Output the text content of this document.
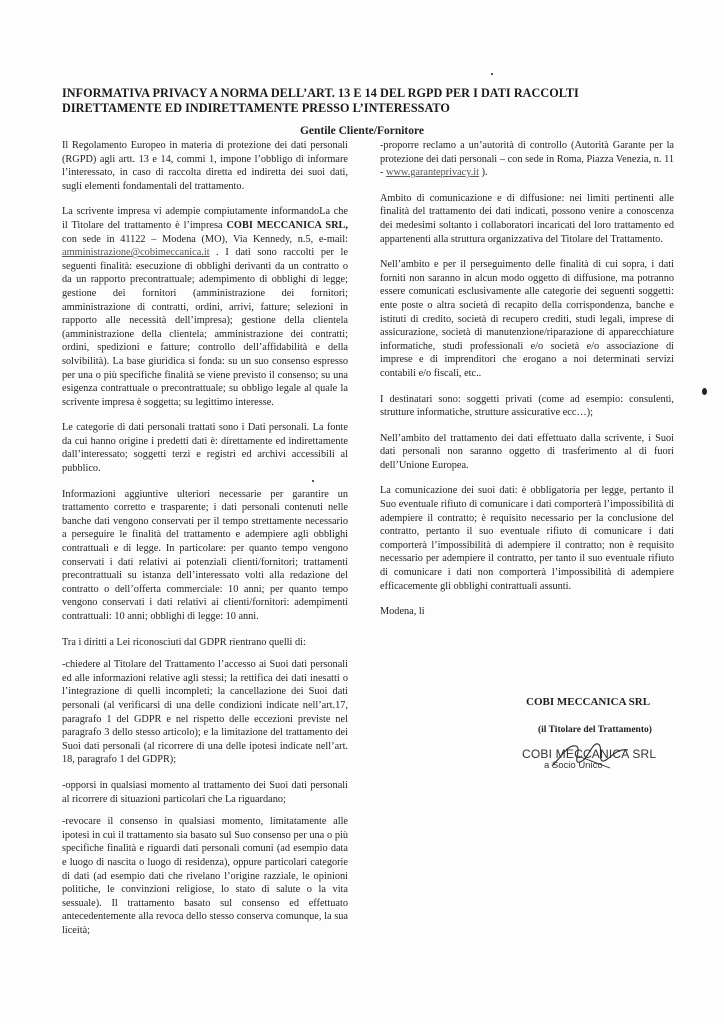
INFORMATIVA PRIVACY A NORMA DELL’ART. 13 E 14 DEL RGPD PER I DATI RACCOLTI DIRETTAMENTE ED INDIRETTAMENTE PRESSO L’INTERESSATO
Gentile Cliente/Fornitore

Il Regolamento Europeo in materia di protezione dei dati personali (RGPD) agli artt. 13 e 14, commi 1, impone l’obbligo di informare l’interessato, in caso di raccolta diretta ed indiretta dei suoi dati, sugli elementi fondamentali del trattamento.

La scrivente impresa vi adempie compiutamente informandoLa che il Titolare del trattamento è l’impresa COBI MECCANICA SRL, con sede in 41122 – Modena (MO), Via Kennedy, n.5, e-mail: amministrazione@cobimeccanica.it . I dati sono raccolti per le seguenti finalità: esecuzione di obblighi derivanti da un contratto o da un rapporto precontrattuale; adempimento di obblighi di legge; gestione dei fornitori (amministrazione dei fornitori; amministrazione di contratti, ordini, arrivi, fatture; selezioni in rapporto alle necessità dell’impresa); gestione della clientela (amministrazione della clientela; amministrazione dei contratti; ordini, spedizioni e fatture; controllo dell’affidabilità e della solvibilità). La base giuridica si fonda: su un suo consenso espresso per una o più specifiche finalità se viene previsto il consenso; su una esigenza contrattuale o precontrattuale; su obbligo legale al quale la scrivente impresa è soggetta; su legittimo interesse.

Le categorie di dati personali trattati sono i Dati personali. La fonte da cui hanno origine i predetti dati è: direttamente ed indirettamente dall’interessato; soggetti terzi e registri ed archivi accessibili al pubblico.

Informazioni aggiuntive ulteriori necessarie per garantire un trattamento corretto e trasparente; i dati personali contenuti nelle banche dati vengono conservati per il tempo strettamente necessario a perseguire le finalità del trattamento e adempiere agli obblighi contrattuali e di legge. In particolare: per quanto tempo vengono conservati i dati relativi ai potenziali clienti/fornitori; trattamenti precontrattuali su istanza dell’interessato volti alla redazione del contratto o dell’offerta commerciale: 10 anni; per quanto tempo vengono conservati i dati relativi ai clienti/fornitori: adempimenti contrattuali: 10 anni; obblighi di legge: 10 anni.

Tra i diritti a Lei riconosciuti dal GDPR rientrano quelli di:

-chiedere al Titolare del Trattamento l’accesso ai Suoi dati personali ed alle informazioni relative agli stessi; la rettifica dei dati inesatti o l’integrazione di quelli incompleti; la cancellazione dei Suoi dati personali (al verificarsi di una delle condizioni indicate nell’art.17, paragrafo 1 del GDPR e nel rispetto delle eccezioni previste nel paragrafo 3 dello stesso articolo); e la limitazione del trattamento dei Suoi dati personali (al ricorrere di una delle ipotesi indicate nell’art. 18, paragrafo 1 del GDPR);

-opporsi in qualsiasi momento al trattamento dei Suoi dati personali al ricorrere di situazioni particolari che La riguardano;

-revocare il consenso in qualsiasi momento, limitatamente alle ipotesi in cui il trattamento sia basato sul Suo consenso per una o più specifiche finalità e riguardi dati personali comuni (ad esempio data e luogo di nascita o luogo di residenza), oppure particolari categorie di dati (ad esempio dati che rivelano l’origine razziale, le opinioni politiche, le convinzioni religiose, lo stato di salute o la vita sessuale). Il trattamento basato sul consenso ed effettuato antecedentemente alla revoca dello stesso conserva comunque, la sua liceità;

-proporre reclamo a un’autorità di controllo (Autorità Garante per la protezione dei dati personali – con sede in Roma, Piazza Venezia, n. 11 - www.garanteprivacy.it ).

Ambito di comunicazione e di diffusione: nei limiti pertinenti alle finalità del trattamento dei dati indicati, possono venire a conoscenza dei medesimi soltanto i collaboratori incaricati del loro trattamento ed appartenenti alla struttura organizzativa del Titolare del Trattamento.

Nell’ambito e per il perseguimento delle finalità di cui sopra, i dati forniti non saranno in alcun modo oggetto di diffusione, ma potranno essere comunicati esclusivamente alle categorie dei seguenti soggetti: ente poste o altra società di recapito della corrispondenza, banche e istituti di credito, società di recupero crediti, studi legali, imprese di assicurazione, società di manutenzione/riparazione di apparecchiature informatiche, studi professionali e/o società e/o associazione di imprese e di imprenditori che erogano a noi determinati servizi contabili e/o fiscali, etc..

I destinatari sono: soggetti privati (come ad esempio: consulenti, strutture informatiche, strutture assicurative ecc…);

Nell’ambito del trattamento dei dati effettuato dalla scrivente, i Suoi dati personali non saranno oggetto di trasferimento al di fuori dell’Unione Europea.

La comunicazione dei suoi dati: è obbligatoria per legge, pertanto il Suo eventuale rifiuto di comunicare i dati comporterà l’impossibilità di adempiere il contratto; è requisito necessario per la conclusione del contratto, pertanto il suo eventuale rifiuto di comunicare i dati comporterà l’impossibilità di adempiere il contratto; non è requisito necessario per adempiere il contratto, per tanto il suo eventuale rifiuto di comunicare i dati non comporterà l’impossibilità di adempiere efficacemente gli obblighi contrattuali assunti.

Modena, li

COBI MECCANICA SRL
(il Titolare del Trattamento)
COBI MECCANICA SRL
a Socio Unico
